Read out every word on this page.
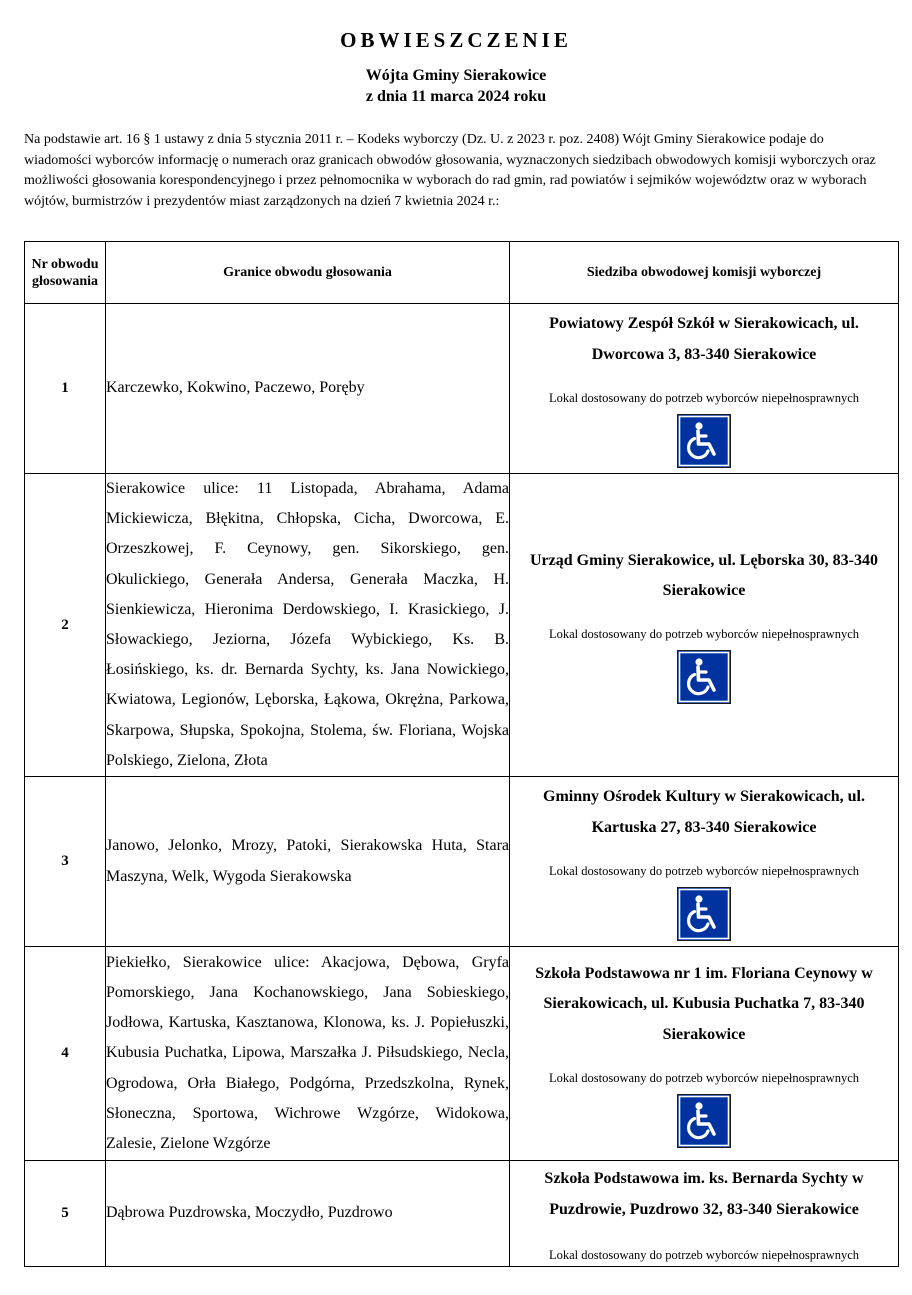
OBWIESZCZENIE
Wójta Gminy Sierakowice
z dnia 11 marca 2024 roku
Na podstawie art. 16 § 1 ustawy z dnia 5 stycznia 2011 r. – Kodeks wyborczy (Dz. U. z 2023 r. poz. 2408) Wójt Gminy Sierakowice podaje do wiadomości wyborców informację o numerach oraz granicach obwodów głosowania, wyznaczonych siedzibach obwodowych komisji wyborczych oraz możliwości głosowania korespondencyjnego i przez pełnomocnika w wyborach do rad gmin, rad powiatów i sejmików województw oraz w wyborach wójtów, burmistrzów i prezydentów miast zarządzonych na dzień 7 kwietnia 2024 r.:
Nr obwodu głosowania	Granice obwodu głosowania	Siedziba obwodowej komisji wyborczej
1	Karczewko, Kokwino, Paczewo, Poręby	Powiatowy Zespół Szkół w Sierakowicach, ul. Dworcowa 3, 83-340 Sierakowice
Lokal dostosowany do potrzeb wyborców niepełnosprawnych

2	Sierakowice ulice: 11 Listopada, Abrahama, Adama Mickiewicza, Błękitna, Chłopska, Cicha, Dworcowa, E. Orzeszkowej, F. Ceynowy, gen. Sikorskiego, gen. Okulickiego, Generała Andersa, Generała Maczka, H. Sienkiewicza, Hieronima Derdowskiego, I. Krasickiego, J. Słowackiego, Jeziorna, Józefa Wybickiego, Ks. B. Łosińskiego, ks. dr. Bernarda Sychty, ks. Jana Nowickiego, Kwiatowa, Legionów, Lęborska, Łąkowa, Okrężna, Parkowa, Skarpowa, Słupska, Spokojna, Stolema, św. Floriana, Wojska Polskiego, Zielona, Złota	Urząd Gminy Sierakowice, ul. Lęborska 30, 83-340 Sierakowice
Lokal dostosowany do potrzeb wyborców niepełnosprawnych

3	Janowo, Jelonko, Mrozy, Patoki, Sierakowska Huta, Stara Maszyna, Welk, Wygoda Sierakowska	Gminny Ośrodek Kultury w Sierakowicach, ul. Kartuska 27, 83-340 Sierakowice
Lokal dostosowany do potrzeb wyborców niepełnosprawnych

4	Piekiełko, Sierakowice ulice: Akacjowa, Dębowa, Gryfa Pomorskiego, Jana Kochanowskiego, Jana Sobieskiego, Jodłowa, Kartuska, Kasztanowa, Klonowa, ks. J. Popiełuszki, Kubusia Puchatka, Lipowa, Marszałka J. Piłsudskiego, Necla, Ogrodowa, Orła Białego, Podgórna, Przedszkolna, Rynek, Słoneczna, Sportowa, Wichrowe Wzgórze, Widokowa, Zalesie, Zielone Wzgórze	Szkoła Podstawowa nr 1 im. Floriana Ceynowy w Sierakowicach, ul. Kubusia Puchatka 7, 83-340 Sierakowice
Lokal dostosowany do potrzeb wyborców niepełnosprawnych

5	Dąbrowa Puzdrowska, Moczydło, Puzdrowo	Szkoła Podstawowa im. ks. Bernarda Sychty w Puzdrowie, Puzdrowo 32, 83-340 Sierakowice
Lokal dostosowany do potrzeb wyborców niepełnosprawnych
